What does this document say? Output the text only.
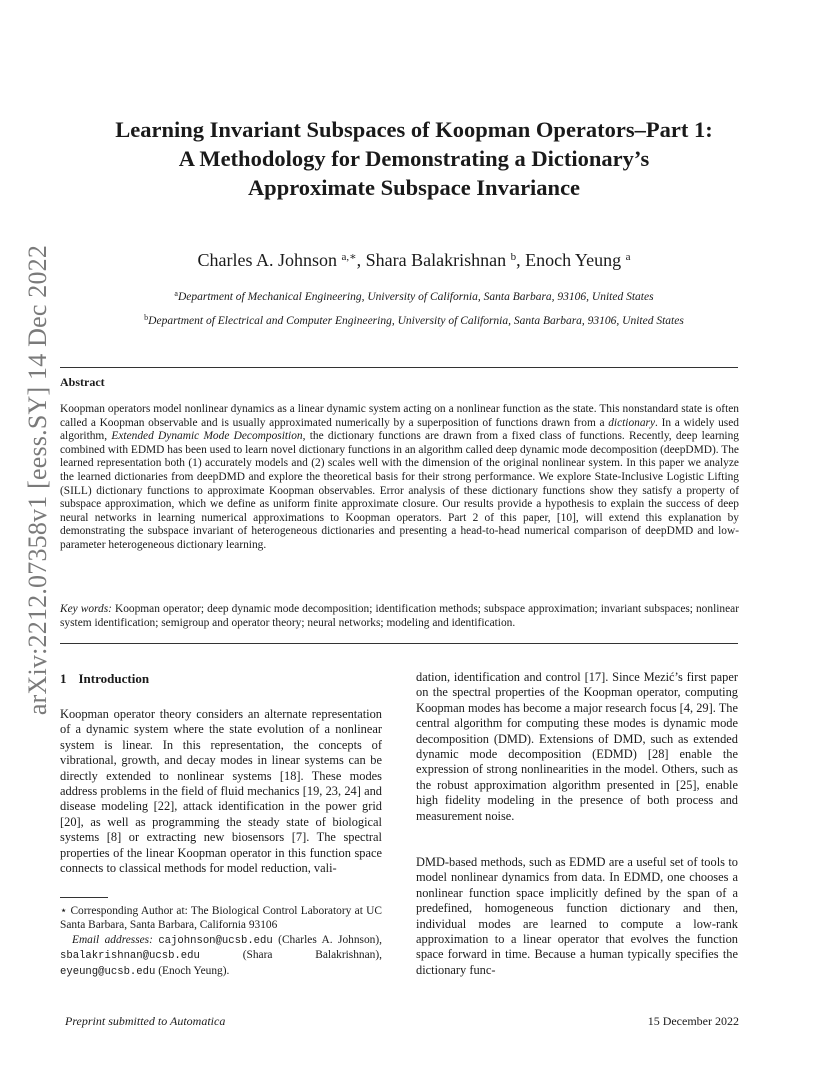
arXiv:2212.07358v1 [eess.SY] 14 Dec 2022
Learning Invariant Subspaces of Koopman Operators–Part 1:
A Methodology for Demonstrating a Dictionary’s
Approximate Subspace Invariance
Charles A. Johnson $^{a,∗}$, Shara Balakrishnan $^b$, Enoch Yeung $^a$
$^a$Department of Mechanical Engineering, University of California, Santa Barbara, 93106, United States
$^b$Department of Electrical and Computer Engineering, University of California, Santa Barbara, 93106, United States
Abstract
Koopman operators model nonlinear dynamics as a linear dynamic system acting on a nonlinear function as the state. This nonstandard state is often called a Koopman observable and is usually approximated numerically by a superposition of functions drawn from a dictionary. In a widely used algorithm, Extended Dynamic Mode Decomposition, the dictionary functions are drawn from a fixed class of functions. Recently, deep learning combined with EDMD has been used to learn novel dictionary functions in an algorithm called deep dynamic mode decomposition (deepDMD). The learned representation both (1) accurately models and (2) scales well with the dimension of the original nonlinear system. In this paper we analyze the learned dictionaries from deepDMD and explore the theoretical basis for their strong performance. We explore State-Inclusive Logistic Lifting (SILL) dictionary functions to approximate Koopman observables. Error analysis of these dictionary functions show they satisfy a property of subspace approximation, which we define as uniform finite approximate closure. Our results provide a hypothesis to explain the success of deep neural networks in learning numerical approximations to Koopman operators. Part 2 of this paper, [10], will extend this explanation by demonstrating the subspace invariant of heterogeneous dictionaries and presenting a head-to-head numerical comparison of deepDMD and low-parameter heterogeneous dictionary learning.
Key words: Koopman operator; deep dynamic mode decomposition; identification methods; subspace approximation; invariant subspaces; nonlinear system identification; semigroup and operator theory; neural networks; modeling and identification.
1 Introduction
Koopman operator theory considers an alternate representation of a dynamic system where the state evolution of a nonlinear system is linear. In this representation, the concepts of vibrational, growth, and decay modes in linear systems can be directly extended to nonlinear systems [18]. These modes address problems in the field of fluid mechanics [19, 23, 24] and disease modeling [22], attack identification in the power grid [20], as well as programming the steady state of biological systems [8] or extracting new biosensors [7]. The spectral properties of the linear Koopman operator in this function space connects to classical methods for model reduction, vali-
dation, identification and control [17]. Since Mezić’s first paper on the spectral properties of the Koopman operator, computing Koopman modes has become a major research focus [4, 29]. The central algorithm for computing these modes is dynamic mode decomposition (DMD). Extensions of DMD, such as extended dynamic mode decomposition (EDMD) [28] enable the expression of strong nonlinearities in the model. Others, such as the robust approximation algorithm presented in [25], enable high fidelity modeling in the presence of both process and measurement noise.
DMD-based methods, such as EDMD are a useful set of tools to model nonlinear dynamics from data. In EDMD, one chooses a nonlinear function space implicitly defined by the span of a predefined, homogeneous function dictionary and then, individual modes are learned to compute a low-rank approximation to a linear operator that evolves the function space forward in time. Because a human typically specifies the dictionary func-
⋆ Corresponding Author at: The Biological Control Laboratory at UC Santa Barbara, Santa Barbara, California 93106
Email addresses: cajohnson@ucsb.edu (Charles A. Johnson), sbalakrishnan@ucsb.edu (Shara Balakrishnan), eyeung@ucsb.edu (Enoch Yeung).
Preprint submitted to Automatica	15 December 2022
